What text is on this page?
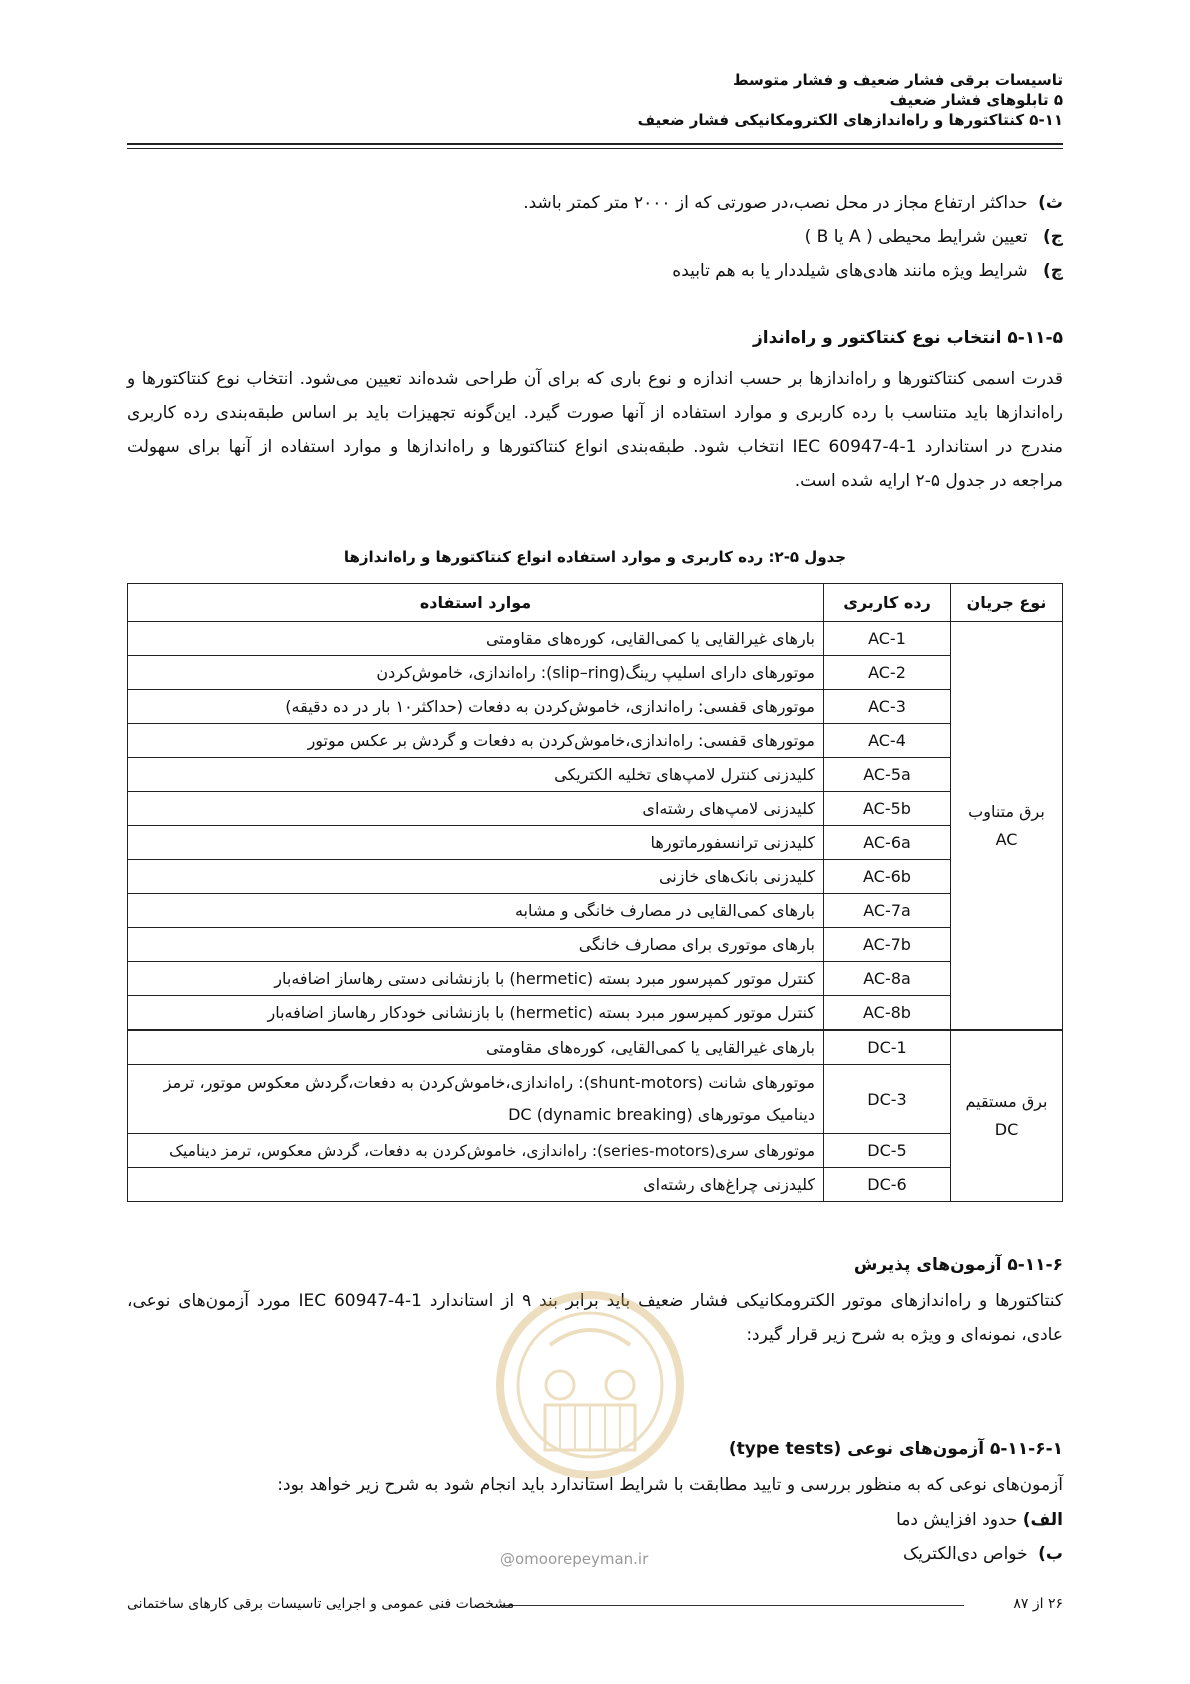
تاسیسات برقی فشار ضعیف و فشار متوسط
۵ تابلوهای فشار ضعیف
۵-۱۱ کنتاکتورها و راه‌اندازهای الکترومکانیکی فشار ضعیف
ث) حداکثر ارتفاع مجاز در محل نصب،در صورتی که از ۲۰۰۰ متر کمتر باشد.
ج) تعیین شرایط محیطی ( A یا B )
چ) شرایط ویژه مانند هادی‌های شیلددار یا به هم تابیده
۵-۱۱-۵ انتخاب نوع کنتاکتور و راه‌انداز
قدرت اسمی کنتاکتورها و راه‌اندازها بر حسب اندازه و نوع باری که برای آن طراحی شده‌اند تعیین می‌شود. انتخاب نوع کنتاکتورها و راه‌اندازها باید متناسب با رده کاربری و موارد استفاده از آنها صورت گیرد. این‌گونه تجهیزات باید بر اساس طبقه‌بندی رده کاربری مندرج در استاندارد IEC 60947-4-1 انتخاب شود. طبقه‌بندی انواع کنتاکتورها و راه‌اندازها و موارد استفاده از آنها برای سهولت مراجعه در جدول ۵-۲ ارایه شده است.
جدول ۵-۲: رده کاربری و موارد استفاده انواع کنتاکتورها و راه‌اندازها
نوع جریان	رده کاربری	موارد استفاده

برق متناوب
AC	AC-1	بارهای غیرالقایی یا کمی‌القایی، کوره‌های مقاومتی
	AC-2	موتورهای دارای اسلیپ رینگ(slip–ring): راه‌اندازی، خاموش‌کردن
	AC-3	موتورهای قفسی: راه‌اندازی، خاموش‌کردن به دفعات (حداکثر۱۰ بار در ده دقیقه)
	AC-4	موتورهای قفسی: راه‌اندازی،خاموش‌کردن به دفعات و گردش بر عکس موتور
	AC-5a	کلیدزنی کنترل لامپ‌های تخلیه الکتریکی
	AC-5b	کلیدزنی لامپ‌های رشته‌ای
	AC-6a	کلیدزنی ترانسفورماتورها
	AC-6b	کلیدزنی بانک‌های خازنی
	AC-7a	بارهای کمی‌القایی در مصارف خانگی و مشابه
	AC-7b	بارهای موتوری برای مصارف خانگی
	AC-8a	کنترل موتور کمپرسور مبرد بسته (hermetic) با بازنشانی دستی رهاساز اضافه‌بار
	AC-8b	کنترل موتور کمپرسور مبرد بسته (hermetic) با بازنشانی خودکار رهاساز اضافه‌بار

برق مستقیم
DC	DC-1	بارهای غیرالقایی یا کمی‌القایی، کوره‌های مقاومتی
	DC-3	موتورهای شانت (shunt-motors): راه‌اندازی،خاموش‌کردن به دفعات،گردش معکوس موتور، ترمز
دینامیک موتورهای DC (dynamic breaking)

	DC-5	موتورهای سری(series-motors): راه‌اندازی، خاموش‌کردن به دفعات، گردش معکوس، ترمز دینامیک
	DC-6	کلیدزنی چراغ‌های رشته‌ای
۵-۱۱-۶ آزمون‌های پذیرش
کنتاکتورها و راه‌اندازهای موتور الکترومکانیکی فشار ضعیف باید برابر بند ۹ از استاندارد IEC 60947-4-1 مورد آزمون‌های نوعی، عادی، نمونه‌ای و ویژه به شرح زیر قرار گیرد:
@omoorepeyman.ir
۵-۱۱-۶-۱ آزمون‌های نوعی (type tests)
آزمون‌های نوعی که به منظور بررسی و تایید مطابقت با شرایط استاندارد باید انجام شود به شرح زیر خواهد بود:
الف) حدود افزایش دما
ب) خواص دی‌الکتریک
۲۶ از ۸۷
مشخصات فنی عمومی و اجرایی تاسیسات برقی کارهای ساختمانی
